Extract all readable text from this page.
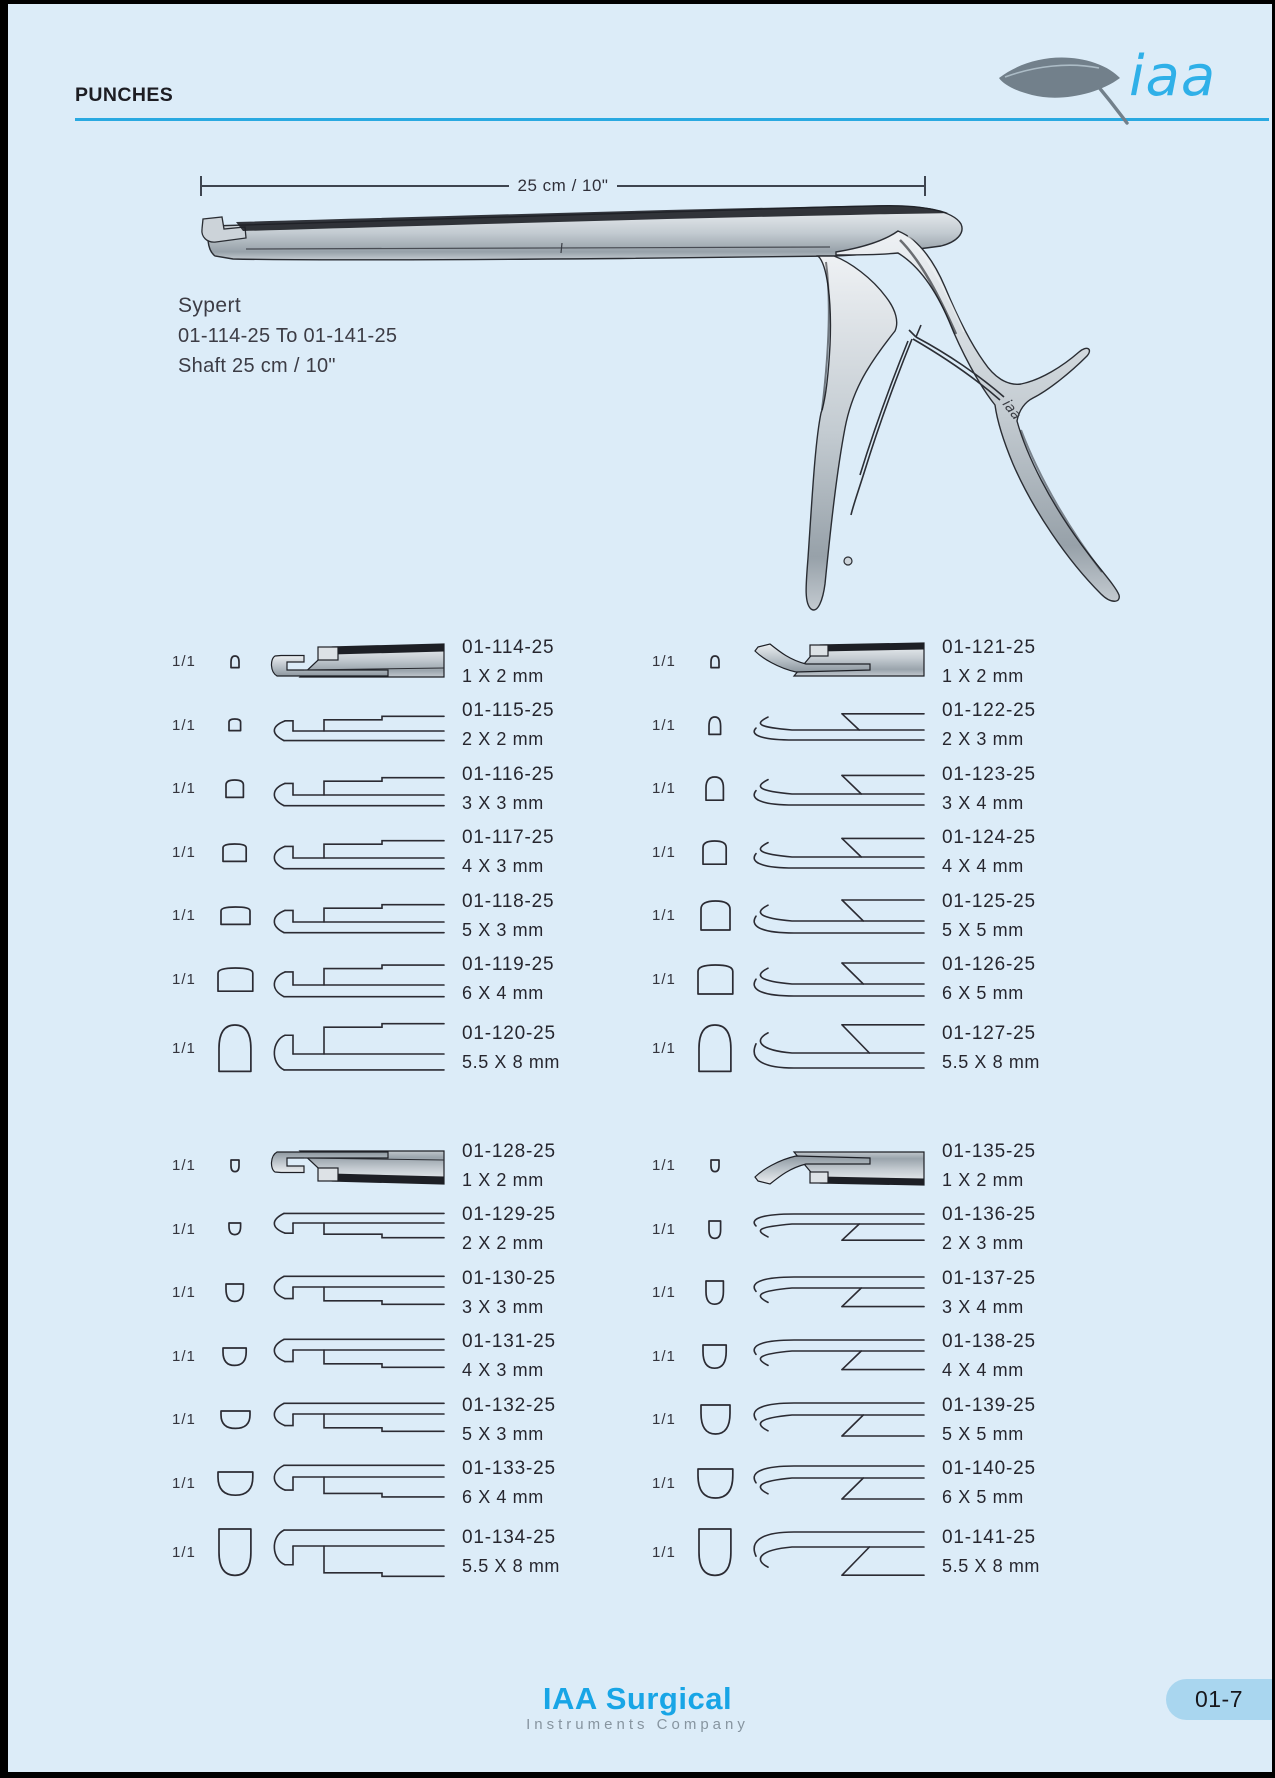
PUNCHES	iaa
25 cm / 10"
iaa
Sypert
01-114-25 To 01-141-25
Shaft 25 cm / 10"
1/1
01-114-25
1 X 2 mm
1/1
01-115-25
2 X 2 mm
1/1
01-116-25
3 X 3 mm
1/1
01-117-25
4 X 3 mm
1/1
01-118-25
5 X 3 mm
1/1
01-119-25
6 X 4 mm
1/1
01-120-25
5.5 X 8 mm
1/1
01-121-25
1 X 2 mm
1/1
01-122-25
2 X 3 mm
1/1
01-123-25
3 X 4 mm
1/1
01-124-25
4 X 4 mm
1/1
01-125-25
5 X 5 mm
1/1
01-126-25
6 X 5 mm
1/1
01-127-25
5.5 X 8 mm
1/1
01-128-25
1 X 2 mm
1/1
01-129-25
2 X 2 mm
1/1
01-130-25
3 X 3 mm
1/1
01-131-25
4 X 3 mm
1/1
01-132-25
5 X 3 mm
1/1
01-133-25
6 X 4 mm
1/1
01-134-25
5.5 X 8 mm
1/1
01-135-25
1 X 2 mm
1/1
01-136-25
2 X 3 mm
1/1
01-137-25
3 X 4 mm
1/1
01-138-25
4 X 4 mm
1/1
01-139-25
5 X 5 mm
1/1
01-140-25
6 X 5 mm
1/1
01-141-25
5.5 X 8 mm
IAA Surgical
Instruments Company
01-7
